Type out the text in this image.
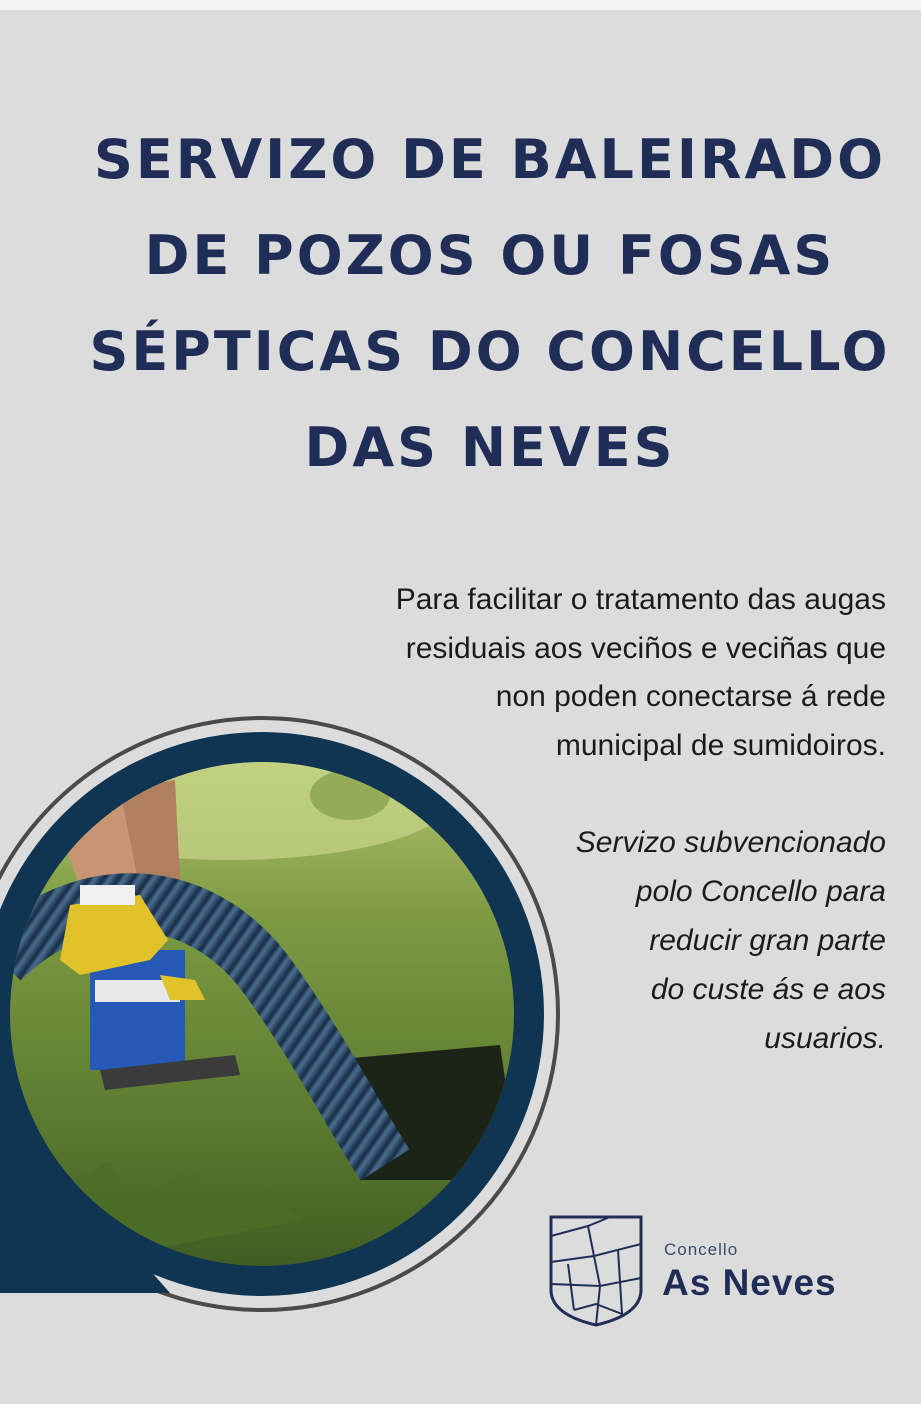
SERVIZO DE BALEIRADO
DE POZOS OU FOSAS
SÉPTICAS DO CONCELLO
DAS NEVES
Para facilitar o tratamento das augas
residuais aos veciños e veciñas que
non poden conectarse á rede
municipal de sumidoiros.
Servizo subvencionado
polo Concello para
reducir gran parte
do custe ás e aos
usuarios.
Concello
As Neves
